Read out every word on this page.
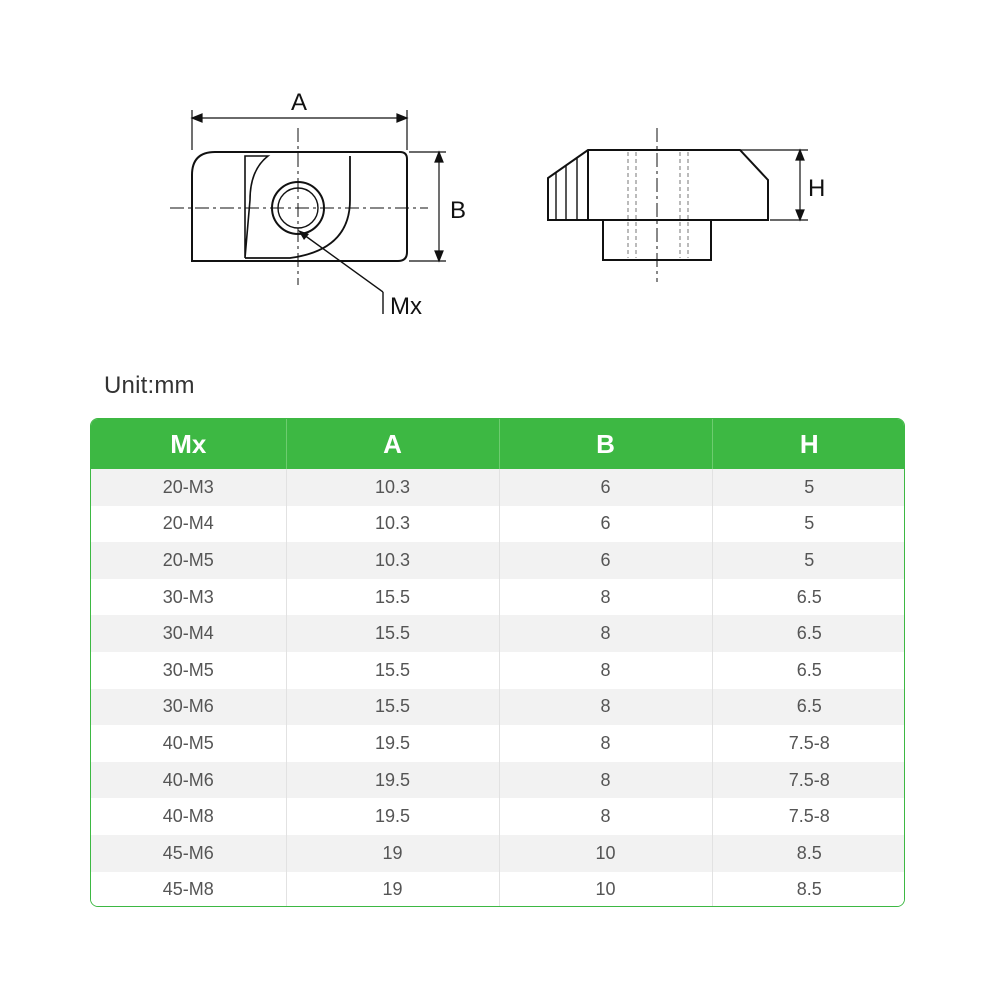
A
B
Mx
H
Unit:mm
Mx	A	B	H
20-M3	10.3	6	5
20-M4	10.3	6	5
20-M5	10.3	6	5
30-M3	15.5	8	6.5
30-M4	15.5	8	6.5
30-M5	15.5	8	6.5
30-M6	15.5	8	6.5
40-M5	19.5	8	7.5-8
40-M6	19.5	8	7.5-8
40-M8	19.5	8	7.5-8
45-M6	19	10	8.5
45-M8	19	10	8.5
